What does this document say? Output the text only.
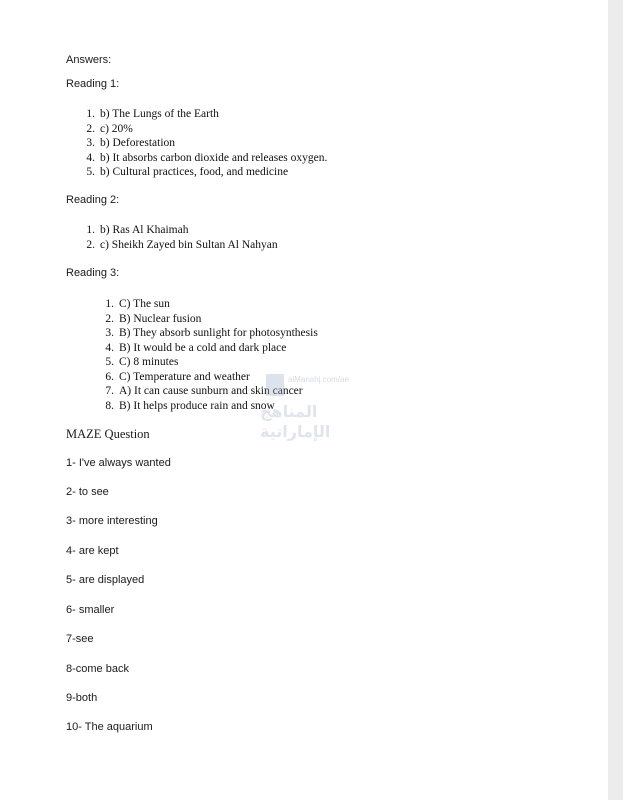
Answers:

Reading 1:

1. b) The Lungs of the Earth
2. c) 20%
3. b) Deforestation
4. b) It absorbs carbon dioxide and releases oxygen.
5. b) Cultural practices, food, and medicine

Reading 2:

1. b) Ras Al Khaimah
2. c) Sheikh Zayed bin Sultan Al Nahyan

Reading 3:

1. C) The sun
2. B) Nuclear fusion
3. B) They absorb sunlight for photosynthesis
4. B) It would be a cold and dark place
5. C) 8 minutes
6. C) Temperature and weather
7. A) It can cause sunburn and skin cancer
8. B) It helps produce rain and snow
alManahj.com/ae
المناهج الإماراتية

MAZE Question

1- I've always wanted

2- to see

3- more interesting

4- are kept

5- are displayed

6- smaller

7-see

8-come back

9-both

10- The aquarium
